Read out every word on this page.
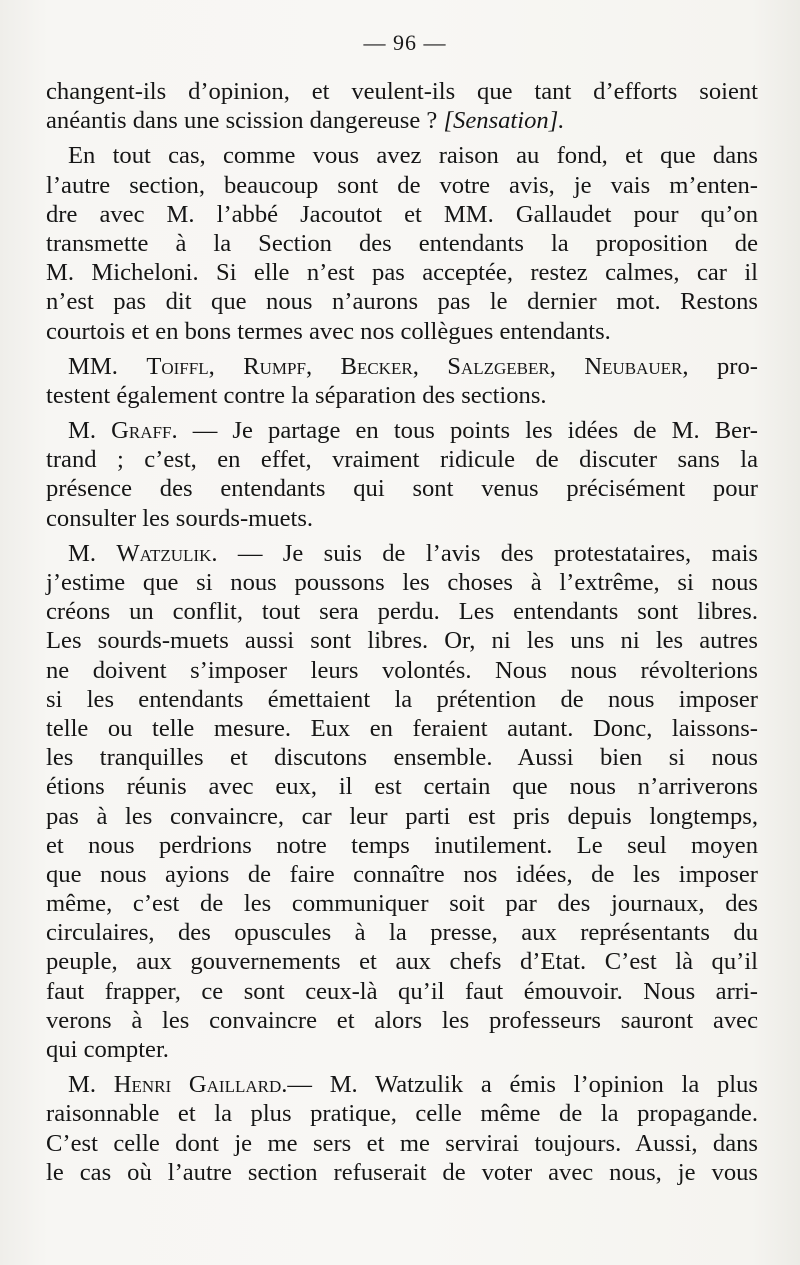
— 96 —
changent-ils d’opinion, et veulent-ils que tant d’efforts soient
anéantis dans une scission dangereuse ? [Sensation].
En tout cas, comme vous avez raison au fond, et que dans
l’autre section, beaucoup sont de votre avis, je vais m’enten-
dre avec M. l’abbé Jacoutot et MM. Gallaudet pour qu’on
transmette à la Section des entendants la proposition de
M. Micheloni. Si elle n’est pas acceptée, restez calmes, car il
n’est pas dit que nous n’aurons pas le dernier mot. Restons
courtois et en bons termes avec nos collègues entendants.
MM. Toiffl, Rumpf, Becker, Salzgeber, Neubauer, pro-
testent également contre la séparation des sections.
M. Graff. — Je partage en tous points les idées de M. Ber-
trand ; c’est, en effet, vraiment ridicule de discuter sans la
présence des entendants qui sont venus précisément pour
consulter les sourds-muets.
M. Watzulik. — Je suis de l’avis des protestataires, mais
j’estime que si nous poussons les choses à l’extrême, si nous
créons un conflit, tout sera perdu. Les entendants sont libres.
Les sourds-muets aussi sont libres. Or, ni les uns ni les autres
ne doivent s’imposer leurs volontés. Nous nous révolterions
si les entendants émettaient la prétention de nous imposer
telle ou telle mesure. Eux en feraient autant. Donc, laissons-
les tranquilles et discutons ensemble. Aussi bien si nous
étions réunis avec eux, il est certain que nous n’arriverons
pas à les convaincre, car leur parti est pris depuis longtemps,
et nous perdrions notre temps inutilement. Le seul moyen
que nous ayions de faire connaître nos idées, de les imposer
même, c’est de les communiquer soit par des journaux, des
circulaires, des opuscules à la presse, aux représentants du
peuple, aux gouvernements et aux chefs d’Etat. C’est là qu’il
faut frapper, ce sont ceux-là qu’il faut émouvoir. Nous arri-
verons à les convaincre et alors les professeurs sauront avec
qui compter.
M. Henri Gaillard.— M. Watzulik a émis l’opinion la plus
raisonnable et la plus pratique, celle même de la propagande.
C’est celle dont je me sers et me servirai toujours. Aussi, dans
le cas où l’autre section refuserait de voter avec nous, je vous
